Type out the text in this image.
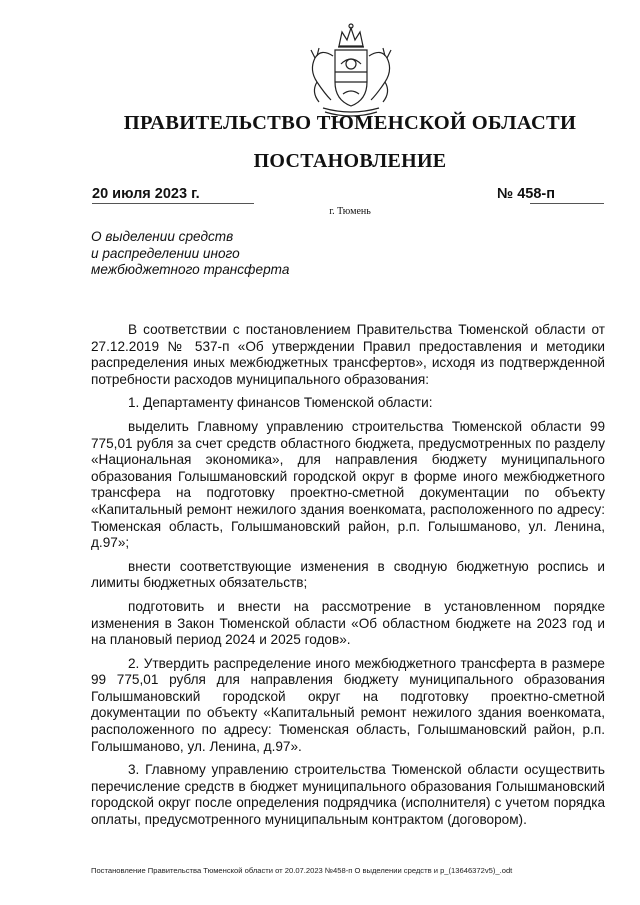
ПРАВИТЕЛЬСТВО ТЮМЕНСКОЙ ОБЛАСТИ
ПОСТАНОВЛЕНИЕ
20 июля 2023 г.	№ 458-п
г. Тюмень
О выделении средств
и распределении иного
межбюджетного трансферта

В соответствии с постановлением Правительства Тюменской области от 27.12.2019 № 537-п «Об утверждении Правил предоставления и методики распределения иных межбюджетных трансфертов», исходя из подтвержденной потребности расходов муниципального образования:

1. Департаменту финансов Тюменской области:

выделить Главному управлению строительства Тюменской области 99 775,01 рубля за счет средств областного бюджета, предусмотренных по разделу «Национальная экономика», для направления бюджету муниципального образования Голышмановский городской округ в форме иного межбюджетного трансфера на подготовку проектно-сметной документации по объекту «Капитальный ремонт нежилого здания военкомата, расположенного по адресу: Тюменская область, Голышмановский район, р.п. Голышманово, ул. Ленина, д.97»;

внести соответствующие изменения в сводную бюджетную роспись и лимиты бюджетных обязательств;

подготовить и внести на рассмотрение в установленном порядке изменения в Закон Тюменской области «Об областном бюджете на 2023 год и на плановый период 2024 и 2025 годов».

2. Утвердить распределение иного межбюджетного трансферта в размере 99 775,01 рубля для направления бюджету муниципального образования Голышмановский городской округ на подготовку проектно-сметной документации по объекту «Капитальный ремонт нежилого здания военкомата, расположенного по адресу: Тюменская область, Голышмановский район, р.п. Голышманово, ул. Ленина, д.97».

3. Главному управлению строительства Тюменской области осуществить перечисление средств в бюджет муниципального образования Голышмановский городской округ после определения подрядчика (исполнителя) с учетом порядка оплаты, предусмотренного муниципальным контрактом (договором).

Постановление Правительства Тюменской области от 20.07.2023 №458-п О выделении средств и р_(13646372v5)_.odt
